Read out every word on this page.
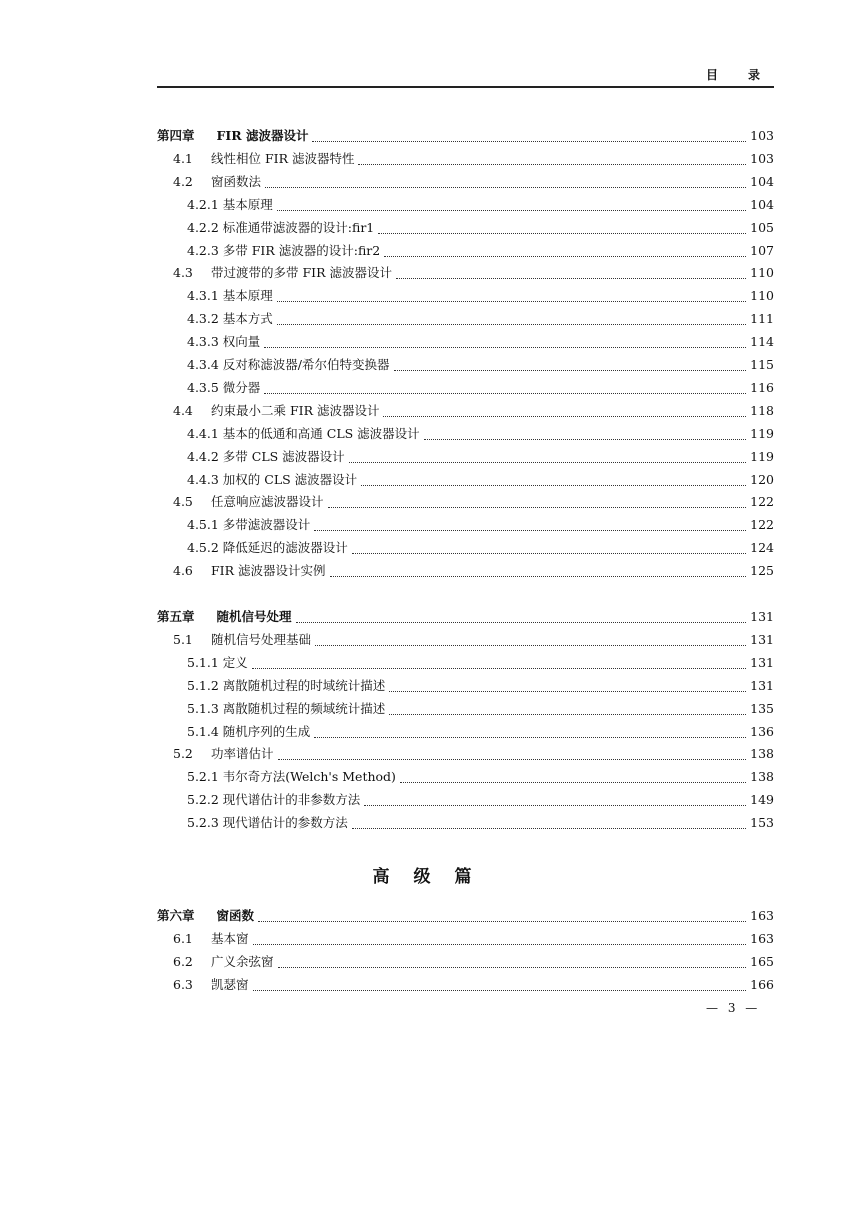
目 录
第四章 FIR 滤波器设计	103
4.1	线性相位 FIR 滤波器特性	103
4.2	窗函数法	104
4.2.1 基本原理	104
4.2.2 标准通带滤波器的设计:fir1	105
4.2.3 多带 FIR 滤波器的设计:fir2	107
4.3	带过渡带的多带 FIR 滤波器设计	110
4.3.1 基本原理	110
4.3.2 基本方式	111
4.3.3 权向量	114
4.3.4 反对称滤波器/希尔伯特变换器	115
4.3.5 微分器	116
4.4	约束最小二乘 FIR 滤波器设计	118
4.4.1 基本的低通和高通 CLS 滤波器设计	119
4.4.2 多带 CLS 滤波器设计	119
4.4.3 加权的 CLS 滤波器设计	120
4.5	任意响应滤波器设计	122
4.5.1 多带滤波器设计	122
4.5.2 降低延迟的滤波器设计	124
4.6	FIR 滤波器设计实例	125
第五章 随机信号处理	131
5.1	随机信号处理基础	131
5.1.1 定义	131
5.1.2 离散随机过程的时域统计描述	131
5.1.3 离散随机过程的频域统计描述	135
5.1.4 随机序列的生成	136
5.2	功率谱估计	138
5.2.1 韦尔奇方法(Welch's Method)	138
5.2.2 现代谱估计的非参数方法	149
5.2.3 现代谱估计的参数方法	153
第六章 窗函数	163
6.1	基本窗	163
6.2	广义余弦窗	165
6.3	凯瑟窗	166
高级篇
— 3 —
